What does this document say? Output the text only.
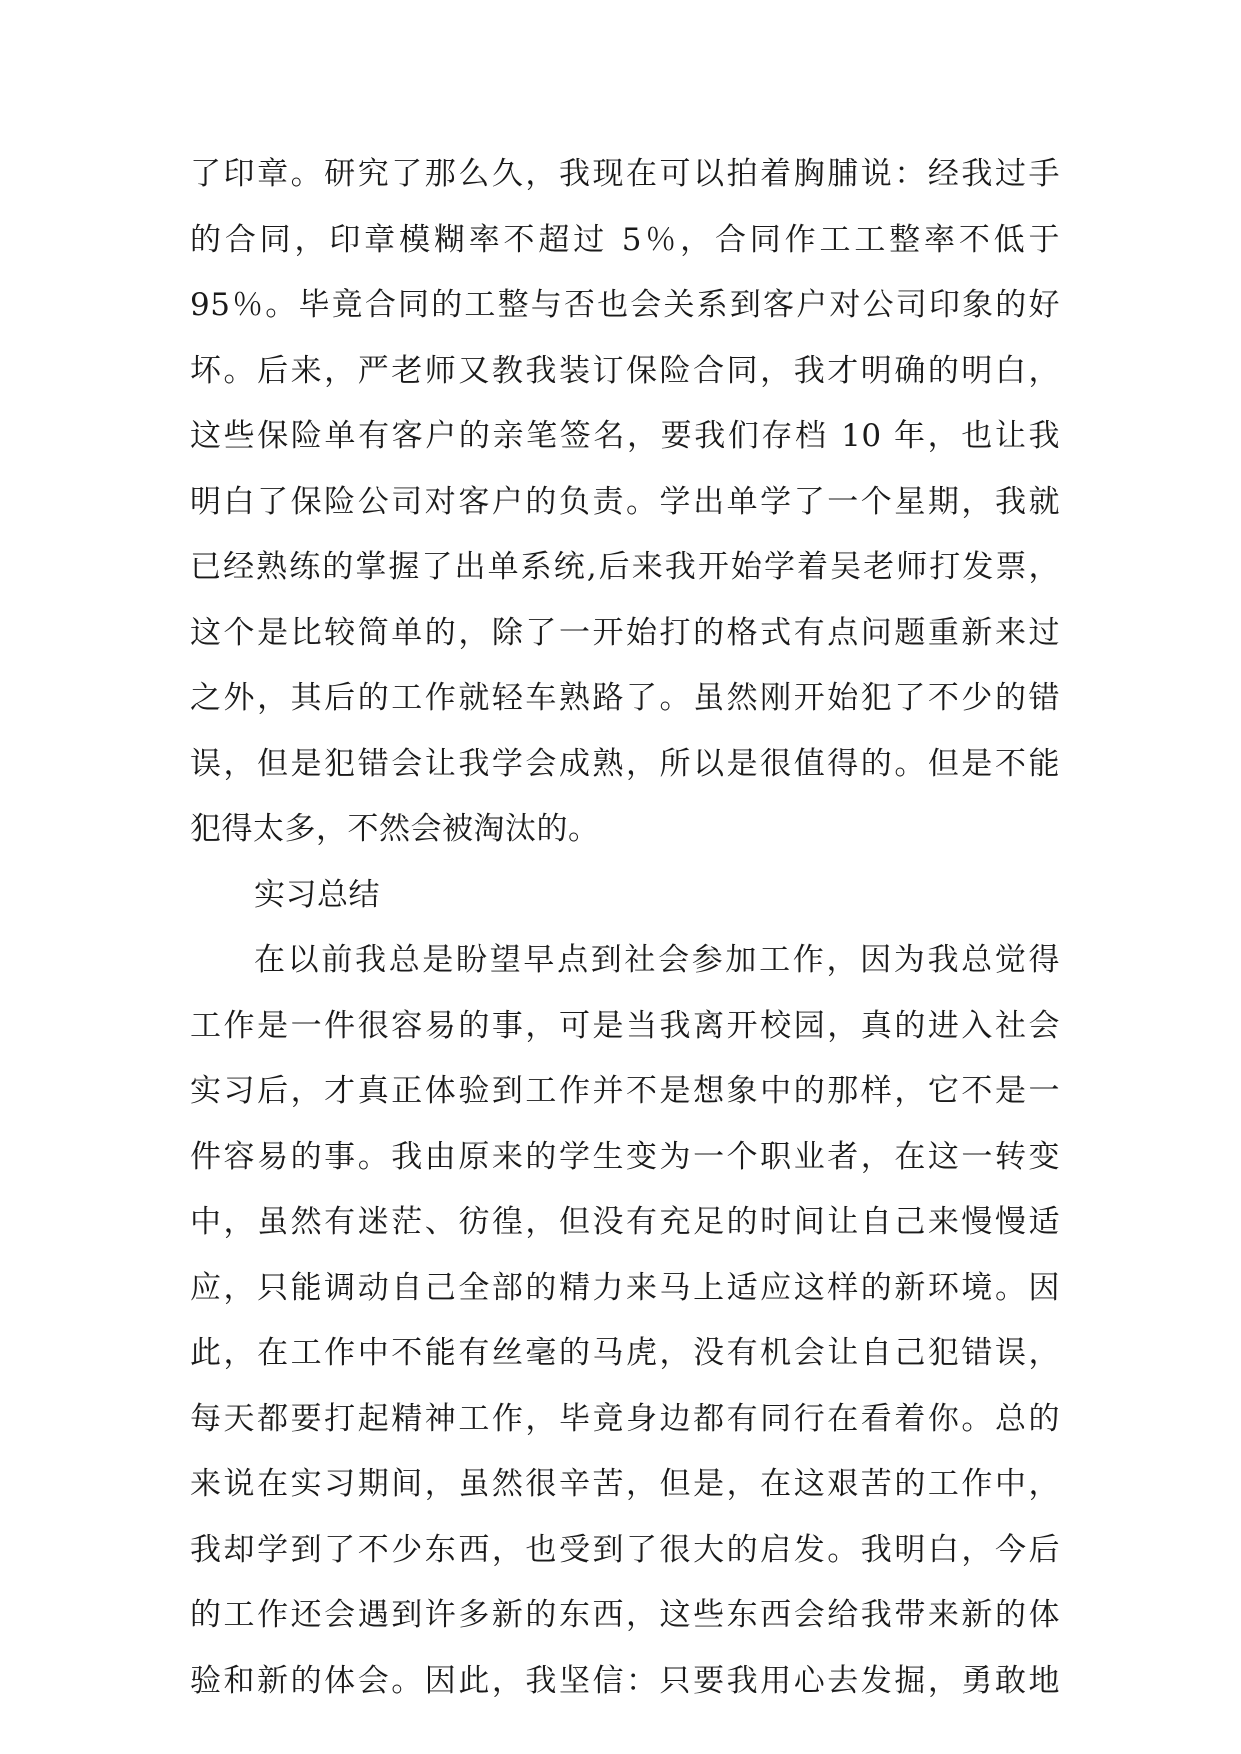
了印章。研究了那么久，我现在可以拍着胸脯说：经我过手
的合同，印章模糊率不超过 5％，合同作工工整率不低于
95％。毕竟合同的工整与否也会关系到客户对公司印象的好
坏。后来，严老师又教我装订保险合同，我才明确的明白，
这些保险单有客户的亲笔签名，要我们存档 10 年，也让我
明白了保险公司对客户的负责。学出单学了一个星期，我就
已经熟练的掌握了出单系统,后来我开始学着吴老师打发票，
这个是比较简单的，除了一开始打的格式有点问题重新来过
之外，其后的工作就轻车熟路了。虽然刚开始犯了不少的错
误，但是犯错会让我学会成熟，所以是很值得的。但是不能
犯得太多，不然会被淘汰的。
实习总结
在以前我总是盼望早点到社会参加工作，因为我总觉得
工作是一件很容易的事，可是当我离开校园，真的进入社会
实习后，才真正体验到工作并不是想象中的那样，它不是一
件容易的事。我由原来的学生变为一个职业者，在这一转变
中，虽然有迷茫、彷徨，但没有充足的时间让自己来慢慢适
应，只能调动自己全部的精力来马上适应这样的新环境。因
此，在工作中不能有丝毫的马虎，没有机会让自己犯错误，
每天都要打起精神工作，毕竟身边都有同行在看着你。总的
来说在实习期间，虽然很辛苦，但是，在这艰苦的工作中，
我却学到了不少东西，也受到了很大的启发。我明白，今后
的工作还会遇到许多新的东西，这些东西会给我带来新的体
验和新的体会。因此，我坚信：只要我用心去发掘，勇敢地
